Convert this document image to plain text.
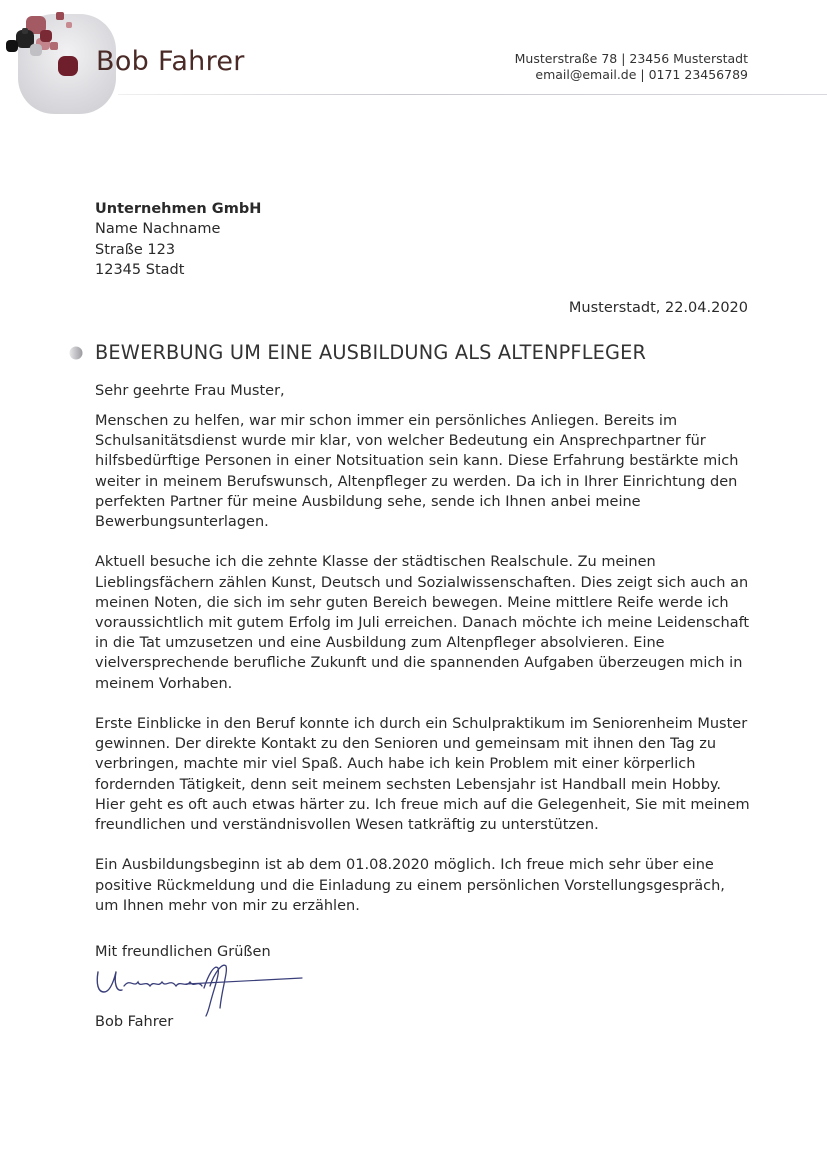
Bob Fahrer	Musterstraße 78 | 23456 Musterstadt
email@email.de | 0171 23456789
Unternehmen GmbH
Name Nachname
Straße 123
12345 Stadt
Musterstadt, 22.04.2020
BEWERBUNG UM EINE AUSBILDUNG ALS ALTENPFLEGER
Sehr geehrte Frau Muster,

Menschen zu helfen, war mir schon immer ein persönliches Anliegen. Bereits im Schulsanitätsdienst wurde mir klar, von welcher Bedeutung ein Ansprechpartner für hilfsbedürftige Personen in einer Notsituation sein kann. Diese Erfahrung bestärkte mich weiter in meinem Berufswunsch, Altenpfleger zu werden. Da ich in Ihrer Einrichtung den perfekten Partner für meine Ausbildung sehe, sende ich Ihnen anbei meine Bewerbungsunterlagen.

Aktuell besuche ich die zehnte Klasse der städtischen Realschule. Zu meinen Lieblingsfächern zählen Kunst, Deutsch und Sozialwissenschaften. Dies zeigt sich auch an meinen Noten, die sich im sehr guten Bereich bewegen. Meine mittlere Reife werde ich voraussichtlich mit gutem Erfolg im Juli erreichen. Danach möchte ich meine Leidenschaft in die Tat umzusetzen und eine Ausbildung zum Altenpfleger absolvieren. Eine vielversprechende berufliche Zukunft und die spannenden Aufgaben überzeugen mich in meinem Vorhaben.

Erste Einblicke in den Beruf konnte ich durch ein Schulpraktikum im Seniorenheim Muster gewinnen. Der direkte Kontakt zu den Senioren und gemeinsam mit ihnen den Tag zu verbringen, machte mir viel Spaß. Auch habe ich kein Problem mit einer körperlich fordernden Tätigkeit, denn seit meinem sechsten Lebensjahr ist Handball mein Hobby. Hier geht es oft auch etwas härter zu. Ich freue mich auf die Gelegenheit, Sie mit meinem freundlichen und verständnisvollen Wesen tatkräftig zu unterstützen.

Ein Ausbildungsbeginn ist ab dem 01.08.2020 möglich. Ich freue mich sehr über eine positive Rückmeldung und die Einladung zu einem persönlichen Vorstellungsgespräch, um Ihnen mehr von mir zu erzählen.

Mit freundlichen Grüßen
Bob Fahrer
